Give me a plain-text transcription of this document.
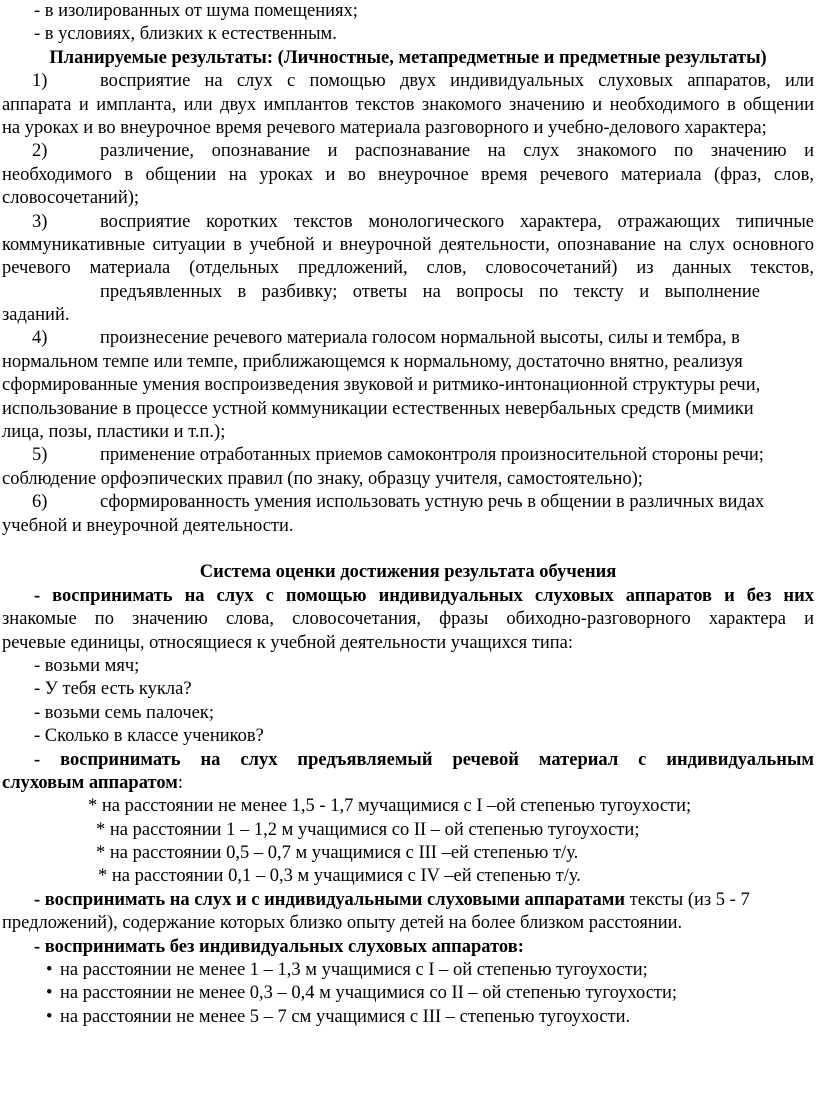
- в изолированных от шума помещениях;
- в условиях, близких к естественным.
Планируемые результаты: (Личностные, метапредметные и предметные результаты)
1)	восприятие на слух с помощью двух индивидуальных слуховых аппаратов, или
аппарата и импланта, или двух имплантов текстов знакомого значению и необходимого в общении
на уроках и во внеурочное время речевого материала разговорного и учебно-делового характера;
2)	различение, опознавание и распознавание на слух знакомого по значению и
необходимого в общении на уроках и во внеурочное время речевого материала (фраз, слов,
словосочетаний);
3)	восприятие коротких текстов монологического характера, отражающих типичные
коммуникативные ситуации в учебной и внеурочной деятельности, опознавание на слух основного
речевого материала (отдельных предложений, слов, словосочетаний) из данных текстов,
предъявленных в разбивку; ответы на вопросы по тексту и выполнение
заданий.
4)	произнесение речевого материала голосом нормальной высоты, силы и тембра, в
нормальном темпе или темпе, приближающемся к нормальному, достаточно внятно, реализуя
сформированные умения воспроизведения звуковой и ритмико-интонационной структуры речи,
использование в процессе устной коммуникации естественных невербальных средств (мимики
лица, позы, пластики и т.п.);
5)	применение отработанных приемов самоконтроля произносительной стороны речи;
соблюдение орфоэпических правил (по знаку, образцу учителя, самостоятельно);
6)	сформированность умения использовать устную речь в общении в различных видах
учебной и внеурочной деятельности.
Система оценки достижения результата обучения
- воспринимать на слух с помощью индивидуальных слуховых аппаратов и без них
знакомые по значению слова, словосочетания, фразы обиходно-разговорного характера и
речевые единицы, относящиеся к учебной деятельности учащихся типа:
- возьми мяч;
- У тебя есть кукла?
- возьми семь палочек;
- Сколько в классе учеников?
- воспринимать на слух предъявляемый речевой материал с индивидуальным
слуховым аппаратом:
* на расстоянии не менее 1,5 - 1,7 мучащимися с I –ой степенью тугоухости;
* на расстоянии 1 – 1,2 м учащимися со II – ой степенью тугоухости;
* на расстоянии 0,5 – 0,7 м учащимися с III –ей степенью т/у.
* на расстоянии 0,1 – 0,3 м учащимися с IV –ей степенью т/у.
- воспринимать на слух и с индивидуальными слуховыми аппаратами тексты (из 5 - 7
предложений), содержание которых близко опыту детей на более близком расстоянии.
- воспринимать без индивидуальных слуховых аппаратов:
• на расстоянии не менее 1 – 1,3 м учащимися с I – ой степенью тугоухости;
• на расстоянии не менее 0,3 – 0,4 м учащимися со II – ой степенью тугоухости;
• на расстоянии не менее 5 – 7 см учащимися с III – степенью тугоухости.
